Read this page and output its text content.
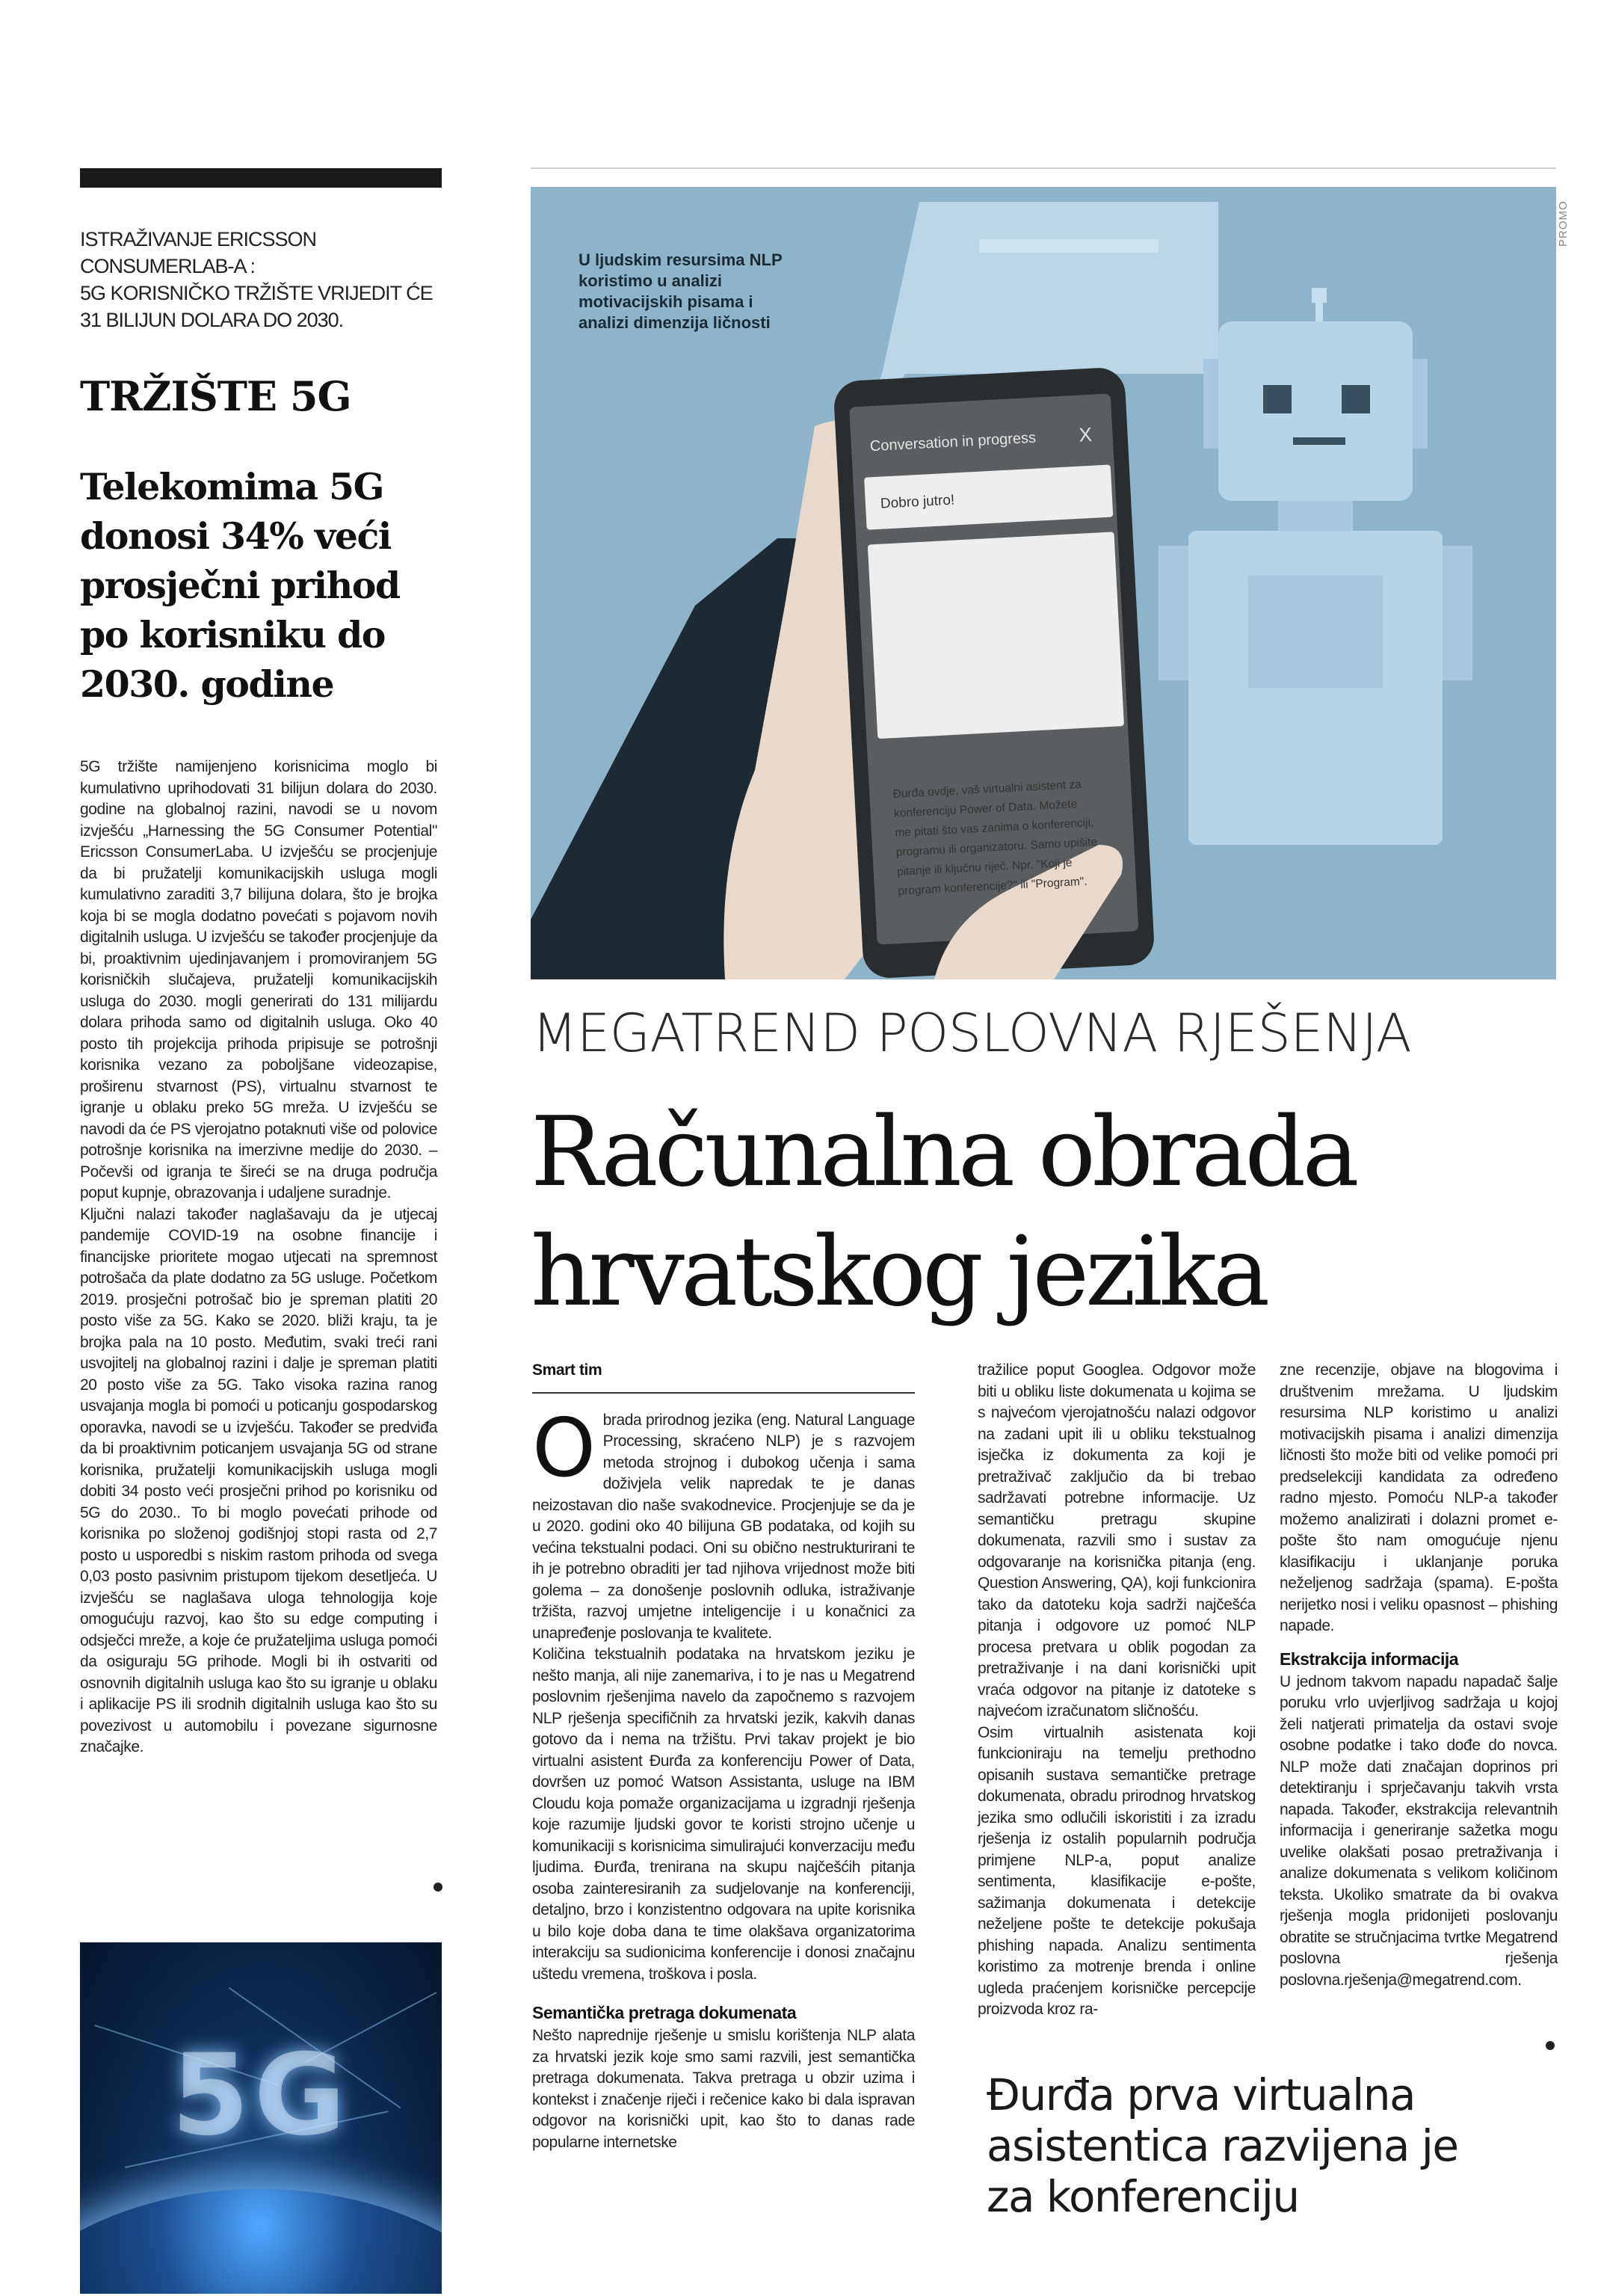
ISTRAŽIVANJE ERICSSON
CONSUMERLAB-A :
5G KORISNIČKO TRŽIŠTE VRIJEDIT ĆE
31 BILIJUN DOLARA DO 2030.
TRŽIŠTE 5G
Telekomima 5G
donosi 34% veći
prosječni prihod
po korisniku do
2030. godine

5G tržište namijenjeno korisnicima moglo bi kumulativno uprihodovati 31 bilijun dolara do 2030. godine na globalnoj razini, navodi se u novom izvješću „Harnessing the 5G Consumer Potential" Ericsson ConsumerLaba. U izvješću se procjenjuje da bi pružatelji komunikacijskih usluga mogli kumulativno zaraditi 3,7 bilijuna dolara, što je brojka koja bi se mogla dodatno povećati s pojavom novih digitalnih usluga. U izvješću se također procjenjuje da bi, proaktivnim ujedinjavanjem i promoviranjem 5G korisničkih slučajeva, pružatelji komunikacijskih usluga do 2030. mogli generirati do 131 milijardu dolara prihoda samo od digitalnih usluga. Oko 40 posto tih projekcija prihoda pripisuje se potrošnji korisnika vezano za poboljšane videozapise, proširenu stvarnost (PS), virtualnu stvarnost te igranje u oblaku preko 5G mreža. U izvješću se navodi da će PS vjerojatno potaknuti više od polovice potrošnje korisnika na imerzivne medije do 2030. – Počevši od igranja te šireći se na druga područja poput kupnje, obrazovanja i udaljene suradnje.

Ključni nalazi također naglašavaju da je utjecaj pandemije COVID-19 na osobne financije i financijske prioritete mogao utjecati na spremnost potrošača da plate dodatno za 5G usluge. Početkom 2019. prosječni potrošač bio je spreman platiti 20 posto više za 5G. Kako se 2020. bliži kraju, ta je brojka pala na 10 posto. Međutim, svaki treći rani usvojitelj na globalnoj razini i dalje je spreman platiti 20 posto više za 5G. Tako visoka razina ranog usvajanja mogla bi pomoći u poticanju gospodarskog oporavka, navodi se u izvješću. Također se predviđa da bi proaktivnim poticanjem usvajanja 5G od strane korisnika, pružatelji komunikacijskih usluga mogli dobiti 34 posto veći prosječni prihod po korisniku od 5G do 2030.. To bi moglo povećati prihode od korisnika po složenoj godišnjoj stopi rasta od 2,7 posto u usporedbi s niskim rastom prihoda od svega 0,03 posto pasivnim pristupom tijekom desetljeća. U izvješću se naglašava uloga tehnologija koje omogućuju razvoj, kao što su edge computing i odsječci mreže, a koje će pružateljima usluga pomoći da osiguraju 5G prihode. Mogli bi ih ostvariti od osnovnih digitalnih usluga kao što su igranje u oblaku i aplikacije PS ili srodnih digitalnih usluga kao što su povezivost u automobilu i povezane sigurnosne značajke.

5G
PROMO
Conversation in progress X
Dobro jutro!
Đurđa ovdje, vaš virtualni asistent za konferenciju Power of Data. Možete me pitati što vas zanima o konferenciji, programu ili organizatoru. Samo upišite pitanje ili ključnu riječ. Npr. "Koji je program konferencije?" ili "Program".
U ljudskim resursima NLP koristimo u analizi motivacijskih pisama i analizi dimenzija ličnosti
MEGATREND POSLOVNA RJEŠENJA
Računalna obrada
hrvatskog jezika
Smart tim

Obrada prirodnog jezika (eng. Natural Language Processing, skraćeno NLP) je s razvojem metoda strojnog i dubokog učenja i sama doživjela velik napredak te je danas neizostavan dio naše svakodnevice. Procjenjuje se da je u 2020. godini oko 40 bilijuna GB podataka, od kojih su većina tekstualni podaci. Oni su obično nestrukturirani te ih je potrebno obraditi jer tad njihova vrijednost može biti golema – za donošenje poslovnih odluka, istraživanje tržišta, razvoj umjetne inteligencije i u konačnici za unapređenje poslovanja te kvalitete.

Količina tekstualnih podataka na hrvatskom jeziku je nešto manja, ali nije zanemariva, i to je nas u Megatrend poslovnim rješenjima navelo da započnemo s razvojem NLP rješenja specifičnih za hrvatski jezik, kakvih danas gotovo da i nema na tržištu. Prvi takav projekt je bio virtualni asistent Đurđa za konferenciju Power of Data, dovršen uz pomoć Watson Assistanta, usluge na IBM Cloudu koja pomaže organizacijama u izgradnji rješenja koje razumije ljudski govor te koristi strojno učenje u komunikaciji s korisnicima simulirajući konverzaciju među ljudima. Đurđa, trenirana na skupu najčešćih pitanja osoba zainteresiranih za sudjelovanje na konferenciji, detaljno, brzo i konzistentno odgovara na upite korisnika u bilo koje doba dana te time olakšava organizatorima interakciju sa sudionicima konferencije i donosi značajnu uštedu vremena, troškova i posla.

Semantička pretraga dokumenata

Nešto naprednije rješenje u smislu korištenja NLP alata za hrvatski jezik koje smo sami razvili, jest semantička pretraga dokumenata. Takva pretraga u obzir uzima i kontekst i značenje riječi i rečenice kako bi dala ispravan odgovor na korisnički upit, kao što to danas rade popularne internetske

tražilice poput Googlea. Odgovor može biti u obliku liste dokumenata u kojima se s najvećom vjerojatnošću nalazi odgovor na zadani upit ili u obliku tekstualnog isječka iz dokumenta za koji je pretraživač zaključio da bi trebao sadržavati potrebne informacije. Uz semantičku pretragu skupine dokumenata, razvili smo i sustav za odgovaranje na korisnička pitanja (eng. Question Answering, QA), koji funkcionira tako da datoteku koja sadrži najčešća pitanja i odgovore uz pomoć NLP procesa pretvara u oblik pogodan za pretraživanje i na dani korisnički upit vraća odgovor na pitanje iz datoteke s najvećom izračunatom sličnošću.

Osim virtualnih asistenata koji funkcioniraju na temelju prethodno opisanih sustava semantičke pretrage dokumenata, obradu prirodnog hrvatskog jezika smo odlučili iskoristiti i za izradu rješenja iz ostalih popularnih područja primjene NLP-a, poput analize sentimenta, klasifikacije e-pošte, sažimanja dokumenata i detekcije neželjene pošte te detekcije pokušaja phishing napada. Analizu sentimenta koristimo za motrenje brenda i online ugleda praćenjem korisničke percepcije proizvoda kroz ra-

zne recenzije, objave na blogovima i društvenim mrežama. U ljudskim resursima NLP koristimo u analizi motivacijskih pisama i analizi dimenzija ličnosti što može biti od velike pomoći pri predselekciji kandidata za određeno radno mjesto. Pomoću NLP-a također možemo analizirati i dolazni promet e-pošte što nam omogućuje njenu klasifikaciju i uklanjanje poruka neželjenog sadržaja (spama). E-pošta nerijetko nosi i veliku opasnost – phishing napade.

Ekstrakcija informacija

U jednom takvom napadu napadač šalje poruku vrlo uvjerljivog sadržaja u kojoj želi natjerati primatelja da ostavi svoje osobne podatke i tako dođe do novca. NLP može dati značajan doprinos pri detektiranju i sprječavanju takvih vrsta napada. Također, ekstrakcija relevantnih informacija i generiranje sažetka mogu uvelike olakšati posao pretraživanja i analize dokumenata s velikom količinom teksta. Ukoliko smatrate da bi ovakva rješenja mogla pridonijeti poslovanju obratite se stručnjacima tvrtke Megatrend poslovna rješenja poslovna.rješenja@megatrend.com.

Đurđa prva virtualna
asistentica razvijena je
za konferenciju
